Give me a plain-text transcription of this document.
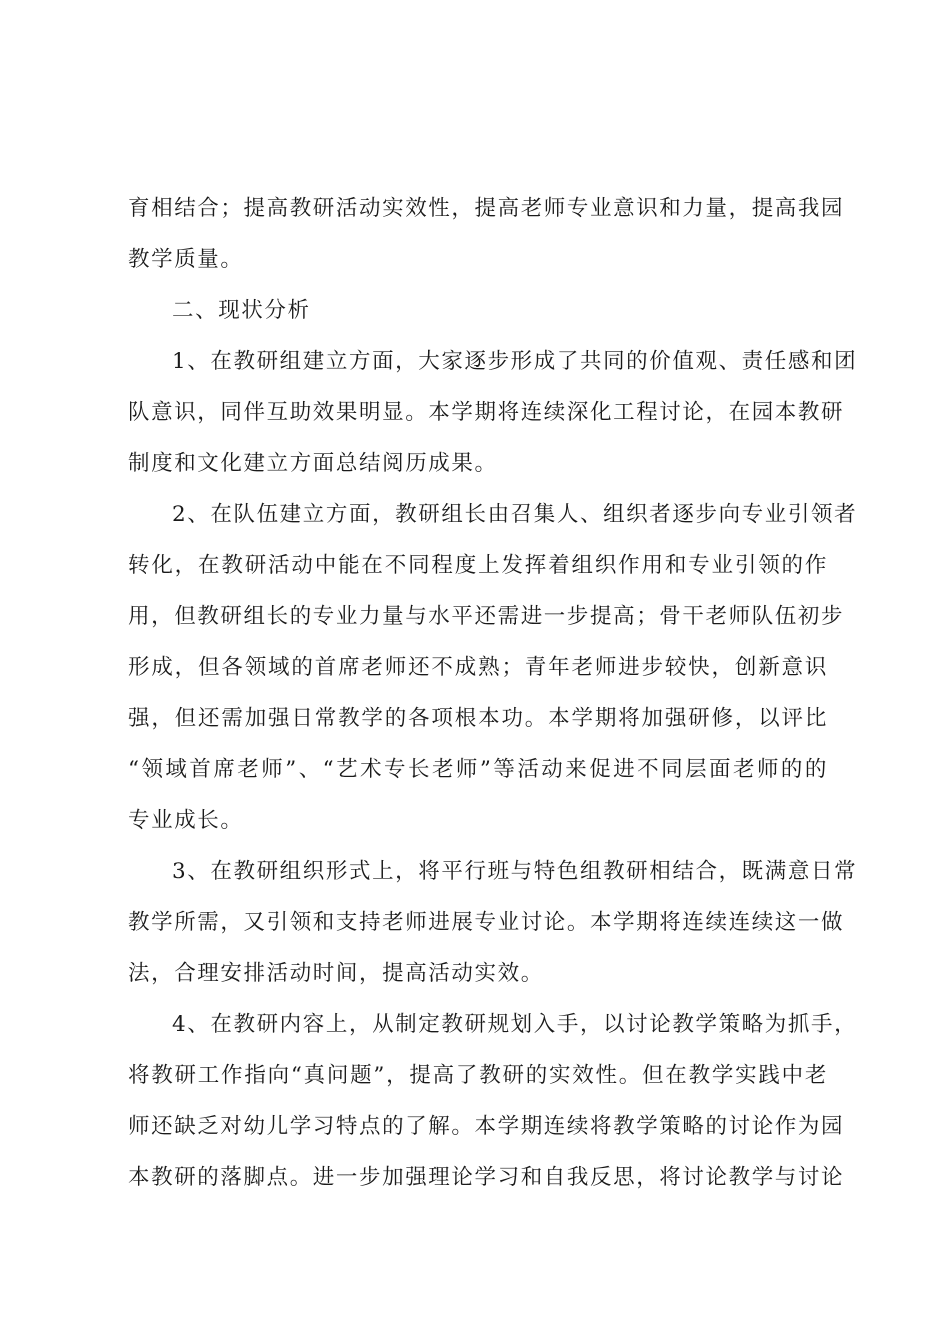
育相结合；提高教研活动实效性，提高老师专业意识和力量，提高我园
教学质量。
二、现状分析
1、在教研组建立方面，大家逐步形成了共同的价值观、责任感和团
队意识，同伴互助效果明显。本学期将连续深化工程讨论，在园本教研
制度和文化建立方面总结阅历成果。
2、在队伍建立方面，教研组长由召集人、组织者逐步向专业引领者
转化，在教研活动中能在不同程度上发挥着组织作用和专业引领的作
用，但教研组长的专业力量与水平还需进一步提高；骨干老师队伍初步
形成，但各领域的首席老师还不成熟；青年老师进步较快，创新意识
强，但还需加强日常教学的各项根本功。本学期将加强研修，以评比
“领域首席老师”、“艺术专长老师”等活动来促进不同层面老师的的
专业成长。
3、在教研组织形式上，将平行班与特色组教研相结合，既满意日常
教学所需，又引领和支持老师进展专业讨论。本学期将连续连续这一做
法，合理安排活动时间，提高活动实效。
4、在教研内容上，从制定教研规划入手，以讨论教学策略为抓手，
将教研工作指向“真问题”，提高了教研的实效性。但在教学实践中老
师还缺乏对幼儿学习特点的了解。本学期连续将教学策略的讨论作为园
本教研的落脚点。进一步加强理论学习和自我反思，将讨论教学与讨论
